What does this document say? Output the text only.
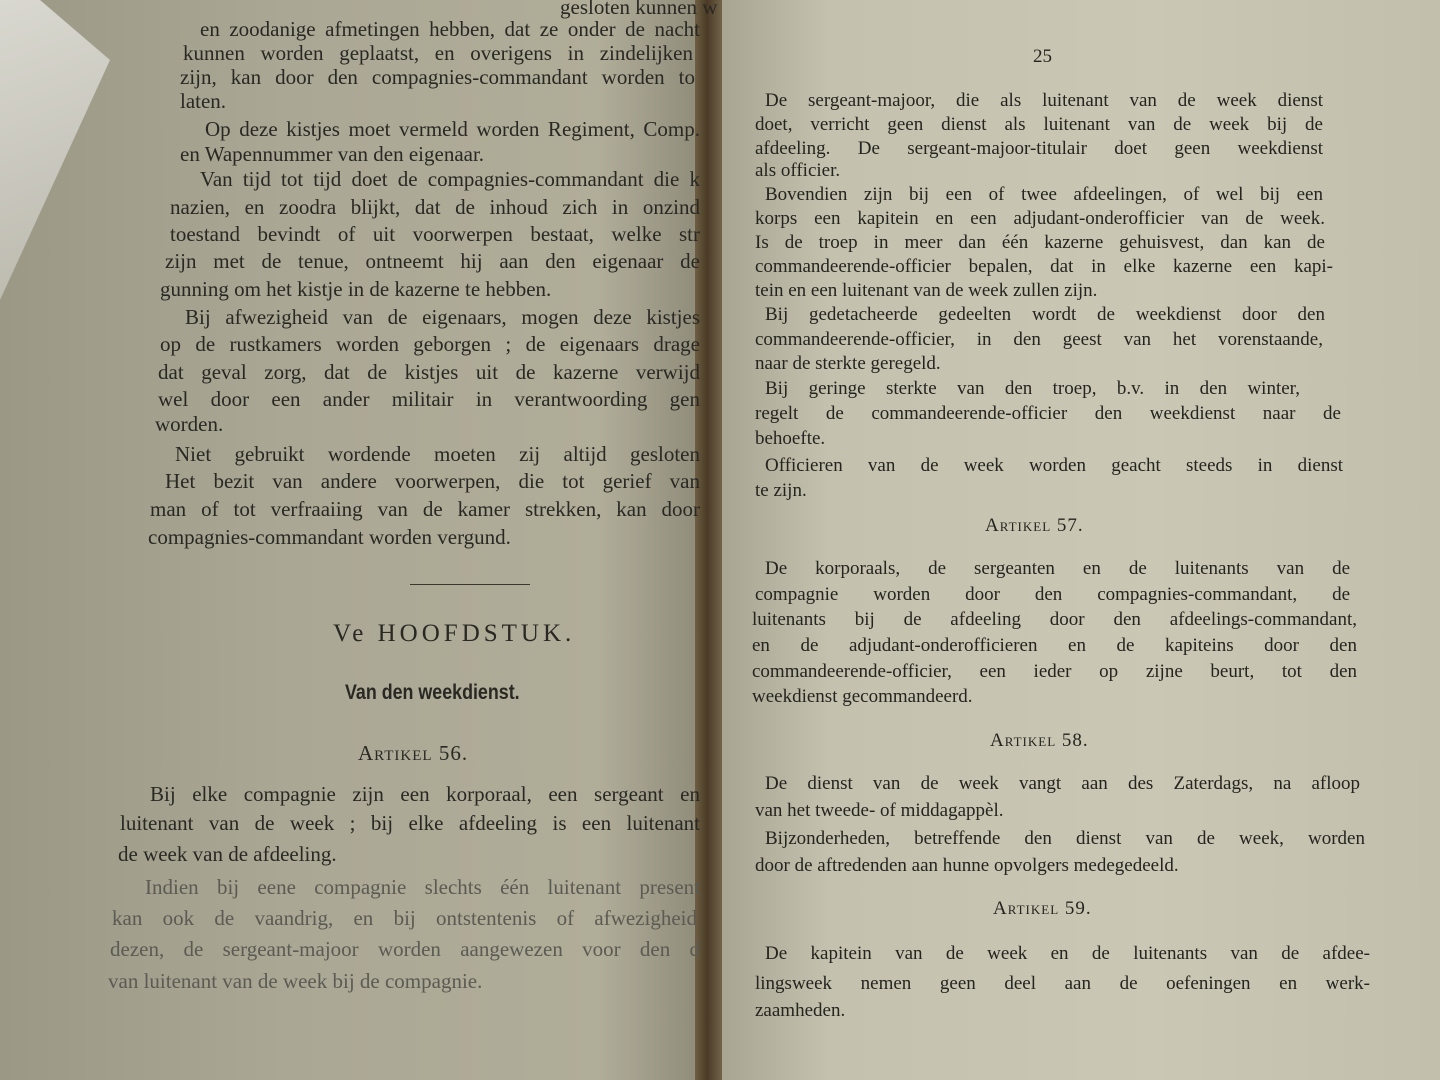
gesloten kunnen w
en zoodanige afmetingen hebben, dat ze onder de nacht
kunnen worden geplaatst, en overigens in zindelijken
zijn, kan door den compagnies-commandant worden to
laten.
Op deze kistjes moet vermeld worden Regiment, Comp.
en Wapennummer van den eigenaar.
Van tijd tot tijd doet de compagnies-commandant die k
nazien, en zoodra blijkt, dat de inhoud zich in onzind
toestand bevindt of uit voorwerpen bestaat, welke str
zijn met de tenue, ontneemt hij aan den eigenaar de
gunning om het kistje in de kazerne te hebben.
Bij afwezigheid van de eigenaars, mogen deze kistjes
op de rustkamers worden geborgen ; de eigenaars drage
dat geval zorg, dat de kistjes uit de kazerne verwijd
wel door een ander militair in verantwoording gen
worden.
Niet gebruikt wordende moeten zij altijd gesloten
Het bezit van andere voorwerpen, die tot gerief van
man of tot verfraaiing van de kamer strekken, kan door
compagnies-commandant worden vergund.
Ve HOOFDSTUK.
Van den weekdienst.
Artikel 56.
Bij elke compagnie zijn een korporaal, een sergeant en
luitenant van de week ; bij elke afdeeling is een luitenant
de week van de afdeeling.
Indien bij eene compagnie slechts één luitenant present
kan ook de vaandrig, en bij ontstentenis of afwezigheid
dezen, de sergeant-majoor worden aangewezen voor den d
van luitenant van de week bij de compagnie.
25
De sergeant-majoor, die als luitenant van de week dienst
doet, verricht geen dienst als luitenant van de week bij de
afdeeling. De sergeant-majoor-titulair doet geen weekdienst
als officier.
Bovendien zijn bij een of twee afdeelingen, of wel bij een
korps een kapitein en een adjudant-onderofficier van de week.
Is de troep in meer dan één kazerne gehuisvest, dan kan de
commandeerende-officier bepalen, dat in elke kazerne een kapi-
tein en een luitenant van de week zullen zijn.
Bij gedetacheerde gedeelten wordt de weekdienst door den
commandeerende-officier, in den geest van het vorenstaande,
naar de sterkte geregeld.
Bij geringe sterkte van den troep, b.v. in den winter,
regelt de commandeerende-officier den weekdienst naar de
behoefte.
Officieren van de week worden geacht steeds in dienst
te zijn.
Artikel 57.
De korporaals, de sergeanten en de luitenants van de
compagnie worden door den compagnies-commandant, de
luitenants bij de afdeeling door den afdeelings-commandant,
en de adjudant-onderofficieren en de kapiteins door den
commandeerende-officier, een ieder op zijne beurt, tot den
weekdienst gecommandeerd.
Artikel 58.
De dienst van de week vangt aan des Zaterdags, na afloop
van het tweede- of middagappèl.
Bijzonderheden, betreffende den dienst van de week, worden
door de aftredenden aan hunne opvolgers medegedeeld.
Artikel 59.
De kapitein van de week en de luitenants van de afdee-
lingsweek nemen geen deel aan de oefeningen en werk-
zaamheden.
